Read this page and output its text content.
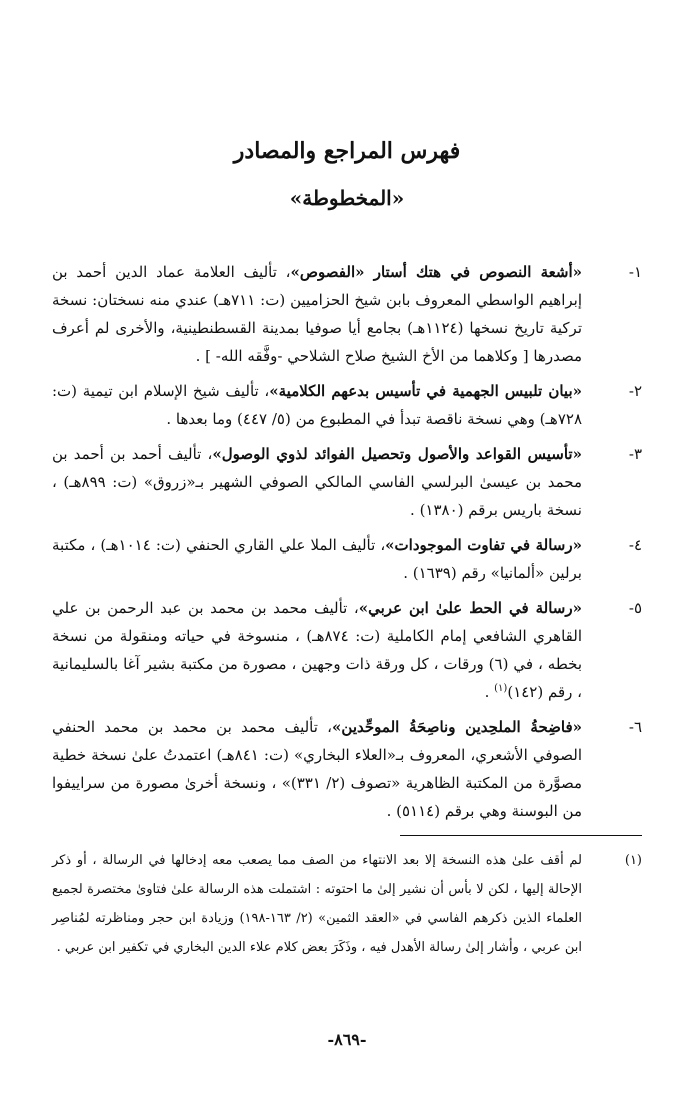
فهرس المراجع والمصادر
«المخطوطة»
١-
«أشعة النصوص في هتك أستار «الفصوص»، تأليف العلامة عماد الدين أحمد بن إبراهيم الواسطي المعروف بابن شيخ الحزاميين (ت: ٧١١هـ) عندي منه نسختان: نسخة تركية تاريخ نسخها (١١٢٤هـ) بجامع أيا صوفيا بمدينة القسطنطينية، والأخرى لم أعرف مصدرها [ وكلاهما من الأخ الشيخ صلاح الشلاحي -وفَّقه الله- ] .
٢-
«بيان تلبيس الجهمية في تأسيس بدعهم الكلامية»، تأليف شيخ الإسلام ابن تيمية (ت: ٧٢٨هـ) وهي نسخة ناقصة تبدأ في المطبوع من (٥/ ٤٤٧) وما بعدها .
٣-
«تأسيس القواعد والأصول وتحصيل الفوائد لذوي الوصول»، تأليف أحمد بن أحمد بن محمد بن عيسىٰ البرلسي الفاسي المالكي الصوفي الشهير بـ«زروق» (ت: ٨٩٩هـ) ، نسخة باريس برقم (١٣٨٠) .
٤-
«رسالة في تفاوت الموجودات»، تأليف الملا علي القاري الحنفي (ت: ١٠١٤هـ) ، مكتبة برلين «ألمانيا» رقم (١٦٣٩) .
٥-
«رسالة في الحط علىٰ ابن عربي»، تأليف محمد بن محمد بن عبد الرحمن بن علي القاهري الشافعي إمام الكاملية (ت: ٨٧٤هـ) ، منسوخة في حياته ومنقولة من نسخة بخطه ، في (٦) ورقات ، كل ورقة ذات وجهين ، مصورة من مكتبة بشير آغا بالسليمانية ، رقم (١٤٢)$^{(١)}$ .
٦-
«فاضِحةُ الملحِدين وناصِحَةُ الموحِّدين»، تأليف محمد بن محمد بن محمد الحنفي الصوفي الأشعري، المعروف بـ«العلاء البخاري» (ت: ٨٤١هـ) اعتمدتُ علىٰ نسخة خطية مصوَّرة من المكتبة الظاهرية «تصوف (٢/ ٣٣١)» ، ونسخة أخرىٰ مصورة من سراييفوا من البوسنة وهي برقم (٥١١٤) .
(١)
لم أقف علىٰ هذه النسخة إلا بعد الانتهاء من الصف مما يصعب معه إدخالها في الرسالة ، أو ذكر الإحالة إليها ، لكن لا بأس أن نشير إلىٰ ما احتوته : اشتملت هذه الرسالة علىٰ فتاوىٰ مختصرة لجميع العلماء الذين ذكرهم الفاسي في «العقد الثمين» (٢/ ١٦٣-١٩٨) وزيادة ابن حجر ومناظرته لمُناصِر ابن عربي ، وأشار إلىٰ رسالة الأهدل فيه ، وذَكَرَ بعض كلام علاء الدين البخاري في تكفير ابن عربي .
-٨٦٩-
